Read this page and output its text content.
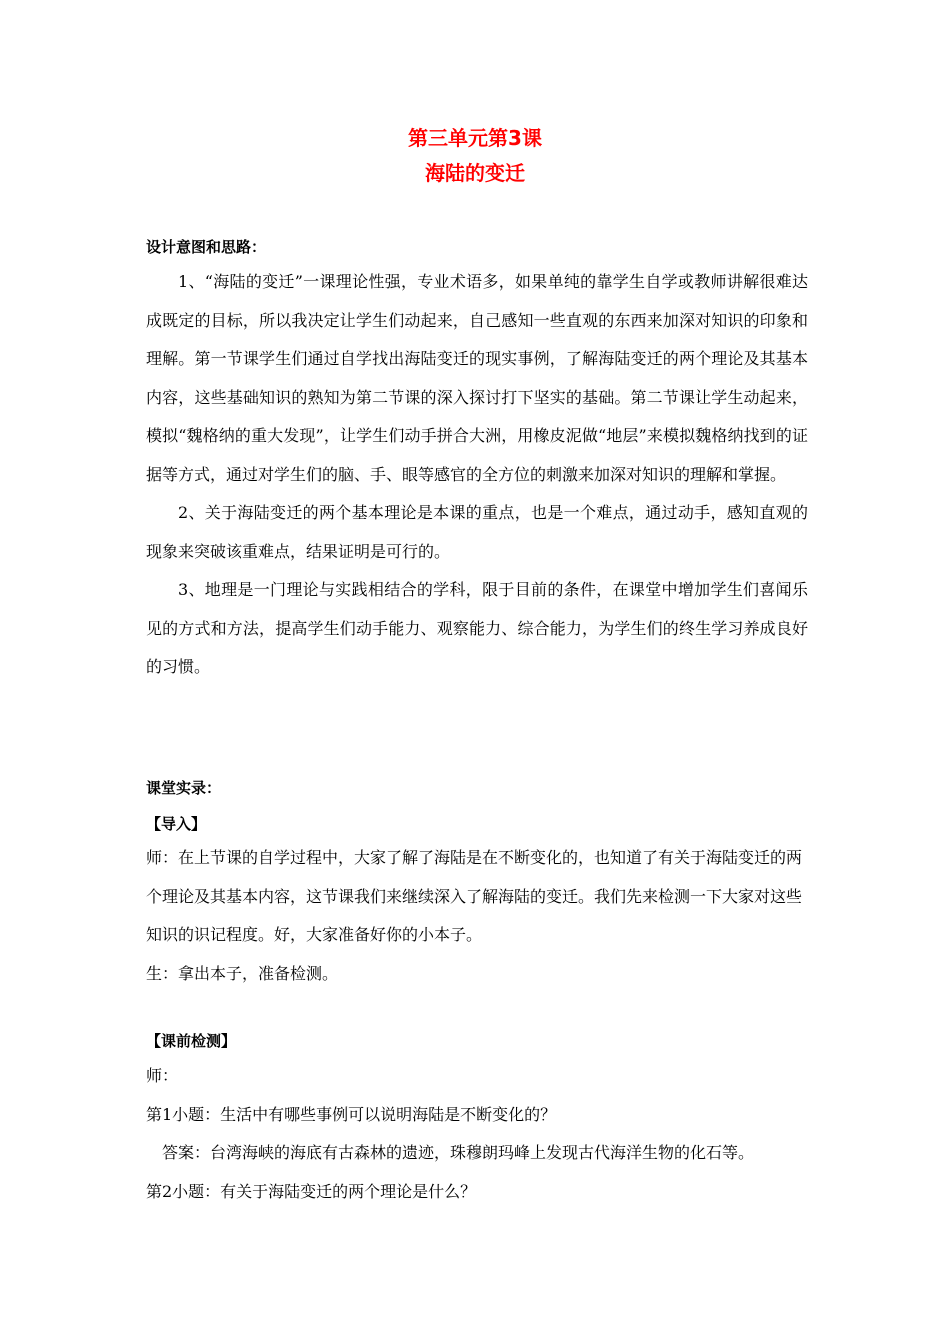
第三单元第3课
海陆的变迁

设计意图和思路：

1、“海陆的变迁”一课理论性强，专业术语多，如果单纯的靠学生自学或教师讲解很难达成既定的目标，所以我决定让学生们动起来，自己感知一些直观的东西来加深对知识的印象和理解。第一节课学生们通过自学找出海陆变迁的现实事例，了解海陆变迁的两个理论及其基本内容，这些基础知识的熟知为第二节课的深入探讨打下坚实的基础。第二节课让学生动起来，模拟“魏格纳的重大发现”，让学生们动手拼合大洲，用橡皮泥做“地层”来模拟魏格纳找到的证据等方式，通过对学生们的脑、手、眼等感官的全方位的刺激来加深对知识的理解和掌握。

2、关于海陆变迁的两个基本理论是本课的重点，也是一个难点，通过动手，感知直观的现象来突破该重难点，结果证明是可行的。

3、地理是一门理论与实践相结合的学科，限于目前的条件，在课堂中增加学生们喜闻乐见的方式和方法，提高学生们动手能力、观察能力、综合能力，为学生们的终生学习养成良好的习惯。

课堂实录：

【导入】

师：在上节课的自学过程中，大家了解了海陆是在不断变化的，也知道了有关于海陆变迁的两个理论及其基本内容，这节课我们来继续深入了解海陆的变迁。我们先来检测一下大家对这些知识的识记程度。好，大家准备好你的小本子。

生：拿出本子，准备检测。

【课前检测】

师：

第1小题：生活中有哪些事例可以说明海陆是不断变化的？

答案：台湾海峡的海底有古森林的遗迹，珠穆朗玛峰上发现古代海洋生物的化石等。

第2小题：有关于海陆变迁的两个理论是什么？
